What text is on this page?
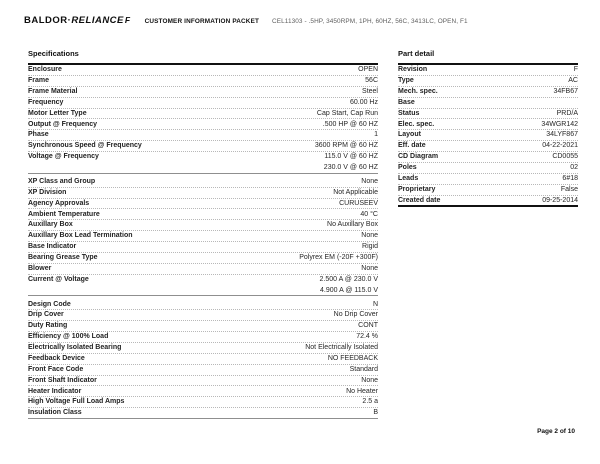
BALDOR·RELIANCEF CUSTOMER INFORMATION PACKET CEL11303 - .5HP, 3450RPM, 1PH, 60HZ, 56C, 3413LC, OPEN, F1
Specifications
Enclosure	OPEN
Frame	56C
Frame Material	Steel
Frequency	60.00 Hz
Motor Letter Type	Cap Start, Cap Run
Output @ Frequency	.500 HP @ 60 HZ
Phase	1
Synchronous Speed @ Frequency	3600 RPM @ 60 HZ
Voltage @ Frequency	115.0 V @ 60 HZ
230.0 V @ 60 HZ
XP Class and Group	None
XP Division	Not Applicable
Agency Approvals	CURUSEEV
Ambient Temperature	40 °C
Auxillary Box	No Auxillary Box
Auxillary Box Lead Termination	None
Base Indicator	Rigid
Bearing Grease Type	Polyrex EM (-20F +300F)
Blower	None
Current @ Voltage	2.500 A @ 230.0 V
4.900 A @ 115.0 V
Design Code	N
Drip Cover	No Drip Cover
Duty Rating	CONT
Efficiency @ 100% Load	72.4 %
Electrically Isolated Bearing	Not Electrically Isolated
Feedback Device	NO FEEDBACK
Front Face Code	Standard
Front Shaft Indicator	None
Heater Indicator	No Heater
High Voltage Full Load Amps	2.5 a
Insulation Class	B
Part detail
Revision	F
Type	AC
Mech. spec.	34FB67
Base
Status	PRD/A
Elec. spec.	34WGR142
Layout	34LYF867
Eff. date	04-22-2021
CD Diagram	CD0055
Poles	02
Leads	6#18
Proprietary	False
Created date	09-25-2014
Page 2 of 10
